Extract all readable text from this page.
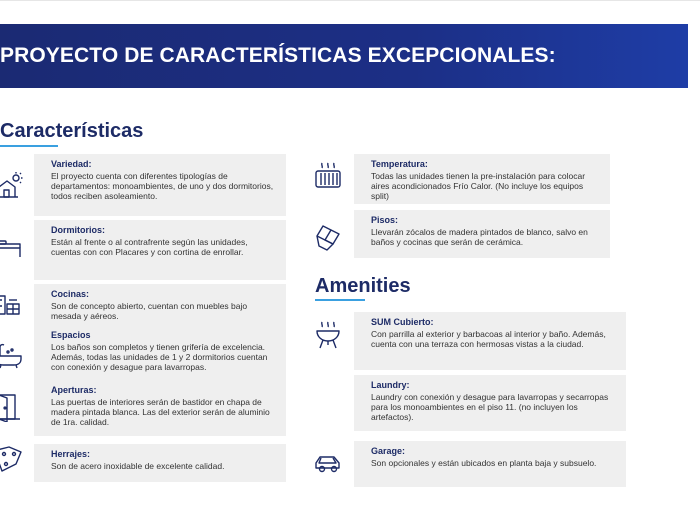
PROYECTO DE CARACTERÍSTICAS EXCEPCIONALES:
Características
Variedad:
El proyecto cuenta con diferentes tipologías de departamentos: monoambientes, de uno y dos dormitorios, todos reciben asoleamiento.
Dormitorios:
Están al frente o al contrafrente según las unidades, cuentas con con Placares y con cortina de enrollar.
Cocinas:
Son de concepto abierto, cuentan con muebles bajo mesada y aéreos.
Espacios
Los baños son completos y tienen grifería de excelencia. Además, todas las unidades de 1 y 2 dormitorios cuentan con conexión y desague para lavarropas.
Aperturas:
Las puertas de interiores serán de bastidor en chapa de madera pintada blanca. Las del exterior serán de aluminio de 1ra. calidad.
Herrajes:
Son de acero inoxidable de excelente calidad.
Temperatura:
Todas las unidades tienen la pre-instalación para colocar aires acondicionados Frío Calor. (No incluye los equipos split)
Pisos:
Llevarán zócalos de madera pintados de blanco, salvo en baños y cocinas que serán de cerámica.
Amenities
SUM Cubierto:
Con parrilla al exterior y barbacoas al interior y baño. Además, cuenta con una terraza con hermosas vistas a la ciudad.
Laundry:
Laundry con conexión y desague para lavarropas y secarropas para los monoambientes en el piso 11. (no incluyen los artefactos).
Garage:
Son opcionales y están ubicados en planta baja y subsuelo.
